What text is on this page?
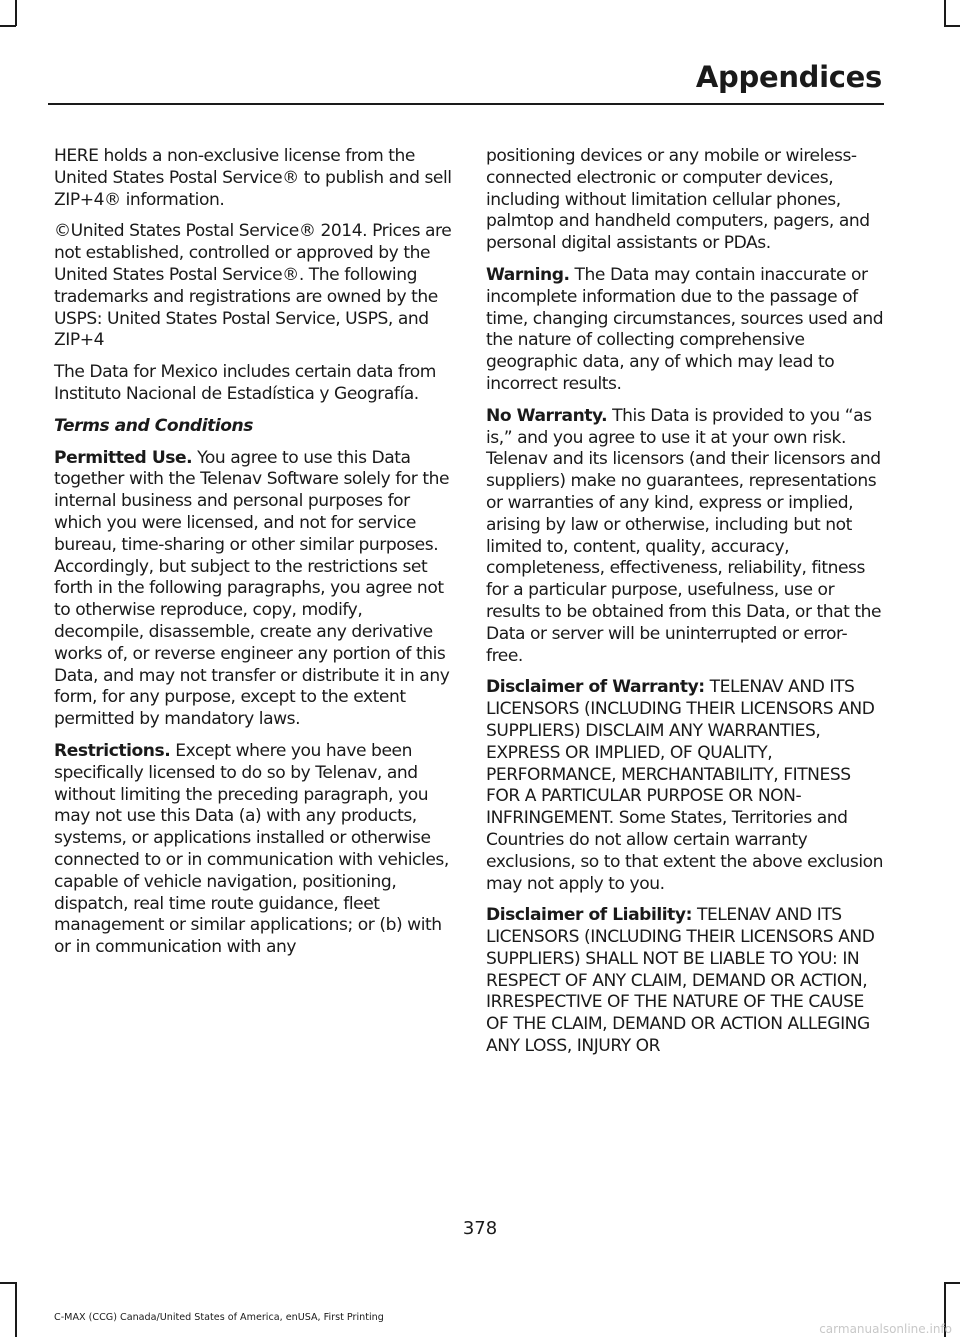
Appendices

HERE holds a non-exclusive license from the United States Postal Service® to publish and sell ZIP+4® information.

©United States Postal Service® 2014. Prices are not established, controlled or approved by the United States Postal Service®. The following trademarks and registrations are owned by the USPS: United States Postal Service, USPS, and ZIP+4

The Data for Mexico includes certain data from Instituto Nacional de Estadística y Geografía.

Terms and Conditions

Permitted Use. You agree to use this Data together with the Telenav Software solely for the internal business and personal purposes for which you were licensed, and not for service bureau, time-sharing or other similar purposes. Accordingly, but subject to the restrictions set forth in the following paragraphs, you agree not to otherwise reproduce, copy, modify, decompile, disassemble, create any derivative works of, or reverse engineer any portion of this Data, and may not transfer or distribute it in any form, for any purpose, except to the extent permitted by mandatory laws.

Restrictions. Except where you have been specifically licensed to do so by Telenav, and without limiting the preceding paragraph, you may not use this Data (a) with any products, systems, or applications installed or otherwise connected to or in communication with vehicles, capable of vehicle navigation, positioning, dispatch, real time route guidance, fleet management or similar applications; or (b) with or in communication with any

positioning devices or any mobile or wireless-connected electronic or computer devices, including without limitation cellular phones, palmtop and handheld computers, pagers, and personal digital assistants or PDAs.

Warning. The Data may contain inaccurate or incomplete information due to the passage of time, changing circumstances, sources used and the nature of collecting comprehensive geographic data, any of which may lead to incorrect results.

No Warranty. This Data is provided to you “as is,” and you agree to use it at your own risk. Telenav and its licensors (and their licensors and suppliers) make no guarantees, representations or warranties of any kind, express or implied, arising by law or otherwise, including but not limited to, content, quality, accuracy, completeness, effectiveness, reliability, fitness for a particular purpose, usefulness, use or results to be obtained from this Data, or that the Data or server will be uninterrupted or error-free.

Disclaimer of Warranty: TELENAV AND ITS LICENSORS (INCLUDING THEIR LICENSORS AND SUPPLIERS) DISCLAIM ANY WARRANTIES, EXPRESS OR IMPLIED, OF QUALITY, PERFORMANCE, MERCHANTABILITY, FITNESS FOR A PARTICULAR PURPOSE OR NON-INFRINGEMENT. Some States, Territories and Countries do not allow certain warranty exclusions, so to that extent the above exclusion may not apply to you.

Disclaimer of Liability: TELENAV AND ITS LICENSORS (INCLUDING THEIR LICENSORS AND SUPPLIERS) SHALL NOT BE LIABLE TO YOU: IN RESPECT OF ANY CLAIM, DEMAND OR ACTION, IRRESPECTIVE OF THE NATURE OF THE CAUSE OF THE CLAIM, DEMAND OR ACTION ALLEGING ANY LOSS, INJURY OR

378
C-MAX (CCG) Canada/United States of America, enUSA, First Printing
carmanualsonline.info
